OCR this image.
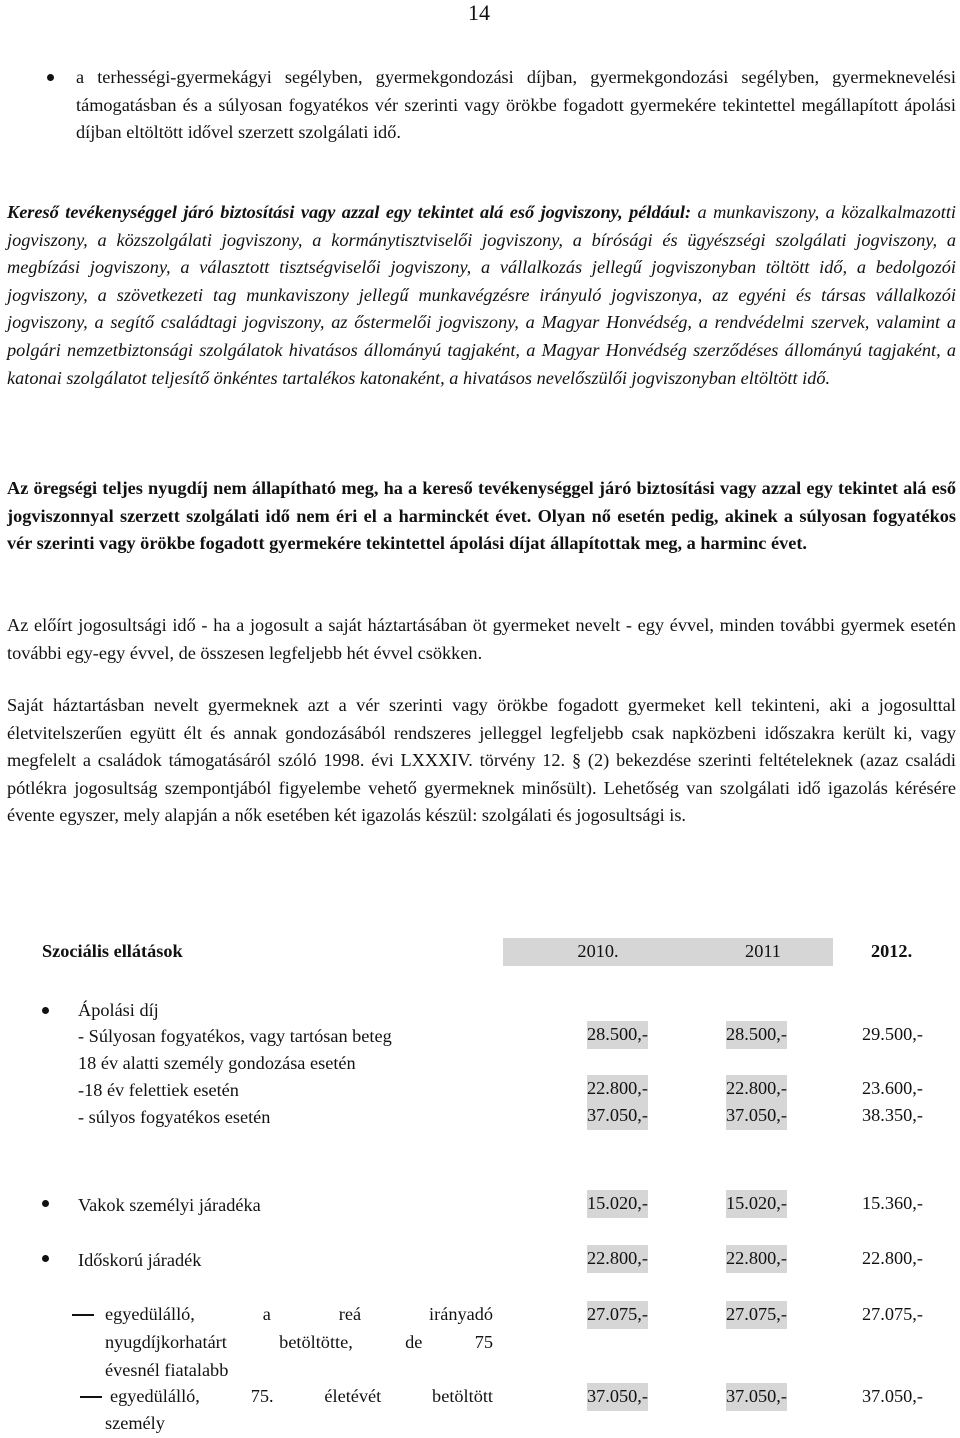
14
a terhességi-gyermekágyi segélyben, gyermekgondozási díjban, gyermekgondozási segélyben, gyermeknevelési támogatásban és a súlyosan fogyatékos vér szerinti vagy örökbe fogadott gyermekére tekintettel megállapított ápolási díjban eltöltött idővel szerzett szolgálati idő.
Kereső tevékenységgel járó biztosítási vagy azzal egy tekintet alá eső jogviszony, például: a munkaviszony, a közalkalmazotti jogviszony, a közszolgálati jogviszony, a kormánytisztviselői jogviszony, a bírósági és ügyészségi szolgálati jogviszony, a megbízási jogviszony, a választott tisztségviselői jogviszony, a vállalkozás jellegű jogviszonyban töltött idő, a bedolgozói jogviszony, a szövetkezeti tag munkaviszony jellegű munkavégzésre irányuló jogviszonya, az egyéni és társas vállalkozói jogviszony, a segítő családtagi jogviszony, az őstermelői jogviszony, a Magyar Honvédség, a rendvédelmi szervek, valamint a polgári nemzetbiztonsági szolgálatok hivatásos állományú tagjaként, a Magyar Honvédség szerződéses állományú tagjaként, a katonai szolgálatot teljesítő önkéntes tartalékos katonaként, a hivatásos nevelőszülői jogviszonyban eltöltött idő.
Az öregségi teljes nyugdíj nem állapítható meg, ha a kereső tevékenységgel járó biztosítási vagy azzal egy tekintet alá eső jogviszonnyal szerzett szolgálati idő nem éri el a harminckét évet. Olyan nő esetén pedig, akinek a súlyosan fogyatékos vér szerinti vagy örökbe fogadott gyermekére tekintettel ápolási díjat állapítottak meg, a harminc évet.
Az előírt jogosultsági idő - ha a jogosult a saját háztartásában öt gyermeket nevelt - egy évvel, minden további gyermek esetén további egy-egy évvel, de összesen legfeljebb hét évvel csökken.
Saját háztartásban nevelt gyermeknek azt a vér szerinti vagy örökbe fogadott gyermeket kell tekinteni, aki a jogosulttal életvitelszerűen együtt élt és annak gondozásából rendszeres jelleggel legfeljebb csak napközbeni időszakra került ki, vagy megfelelt a családok támogatásáról szóló 1998. évi LXXXIV. törvény 12. § (2) bekezdése szerinti feltételeknek (azaz családi pótlékra jogosultság szempontjából figyelembe vehető gyermeknek minősült). Lehetőség van szolgálati idő igazolás kérésére évente egyszer, mely alapján a nők esetében két igazolás készül: szolgálati és jogosultsági is.
Szociális ellátások	2010.	2011	2012.
Ápolási díj
- Súlyosan fogyatékos, vagy tartósan beteg
18 év alatti személy gondozása esetén
28.500,-	28.500,-	29.500,-
-18 év felettiek esetén	22.800,-	22.800,-	23.600,-
- súlyos fogyatékos esetén	37.050,-	37.050,-	38.350,-
Vakok személyi járadéka	15.020,-	15.020,-	15.360,-
Időskorú járadék	22.800,-	22.800,-	22.800,-
egyedülálló, a reá irányadó
nyugdíjkorhatárt betöltötte, de 75
évesnél fiatalabb
27.075,-	27.075,-	27.075,-
egyedülálló, 75. életévét betöltött
személy
37.050,-	37.050,-	37.050,-
